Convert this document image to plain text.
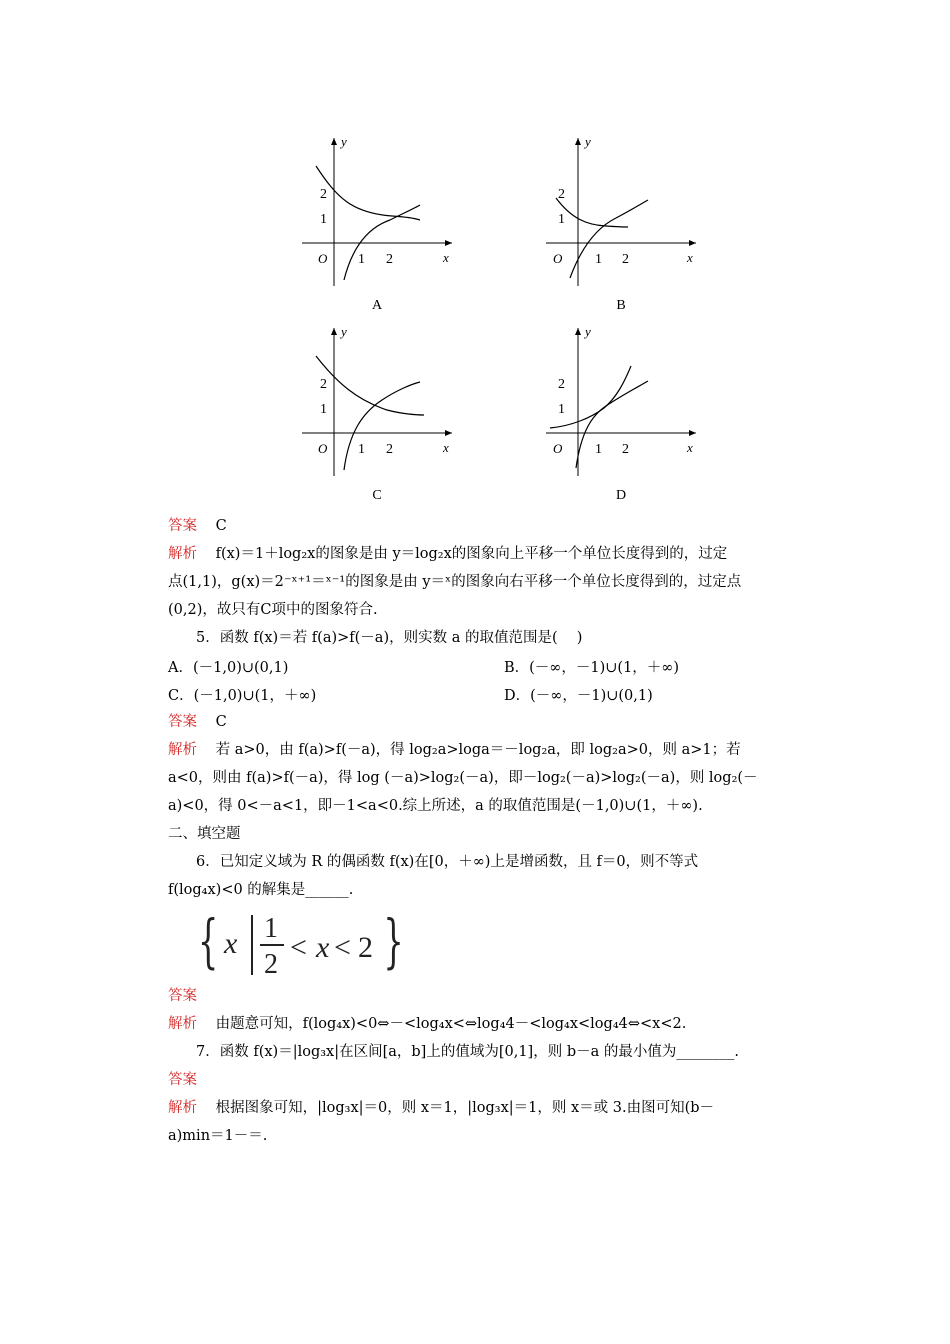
y
x
O
2
1
1 2
A
y
x
O
2
1
1 2
B
y
x
O
2
1
1 2
C
y
x
O
2
1
1 2
D
答案 C
解析 f(x)＝1＋log₂x的图象是由 y＝log₂x的图象向上平移一个单位长度得到的，过定
点(1,1)，g(x)＝2⁻ˣ⁺¹＝ˣ⁻¹的图象是由 y＝ˣ的图象向右平移一个单位长度得到的，过定点
(0,2)，故只有C项中的图象符合.
5．函数 f(x)＝若 f(a)>f(－a)，则实数 a 的取值范围是(　 )
A．(－1,0)∪(0,1)	B．(－∞，－1)∪(1，＋∞)
C．(－1,0)∪(1，＋∞)	D．(－∞，－1)∪(0,1)
答案 C
解析 若 a>0，由 f(a)>f(－a)，得 log₂a>loga＝－log₂a，即 log₂a>0，则 a>1；若
a<0，则由 f(a)>f(－a)，得 log (－a)>log₂(－a)，即－log₂(－a)>log₂(－a)，则 log₂(－
a)<0，得 0<－a<1，即－1<a<0.综上所述，a 的取值范围是(－1,0)∪(1，＋∞).
二、填空题
6．已知定义域为 R 的偶函数 f(x)在[0，＋∞)上是增函数，且 f＝0，则不等式
f(log₄x)<0 的解集是______.
{ x 1
2
< x < 2 }
答案
解析 由题意可知，f(log₄x)<0⇔－<log₄x<⇔log₄4－<log₄x<log₄4⇔<x<2.
7．函数 f(x)＝|log₃x|在区间[a，b]上的值域为[0,1]，则 b－a 的最小值为________.
答案
解析 根据图象可知，|log₃x|＝0，则 x＝1，|log₃x|＝1，则 x＝或 3.由图可知(b－
a)min＝1－＝.
